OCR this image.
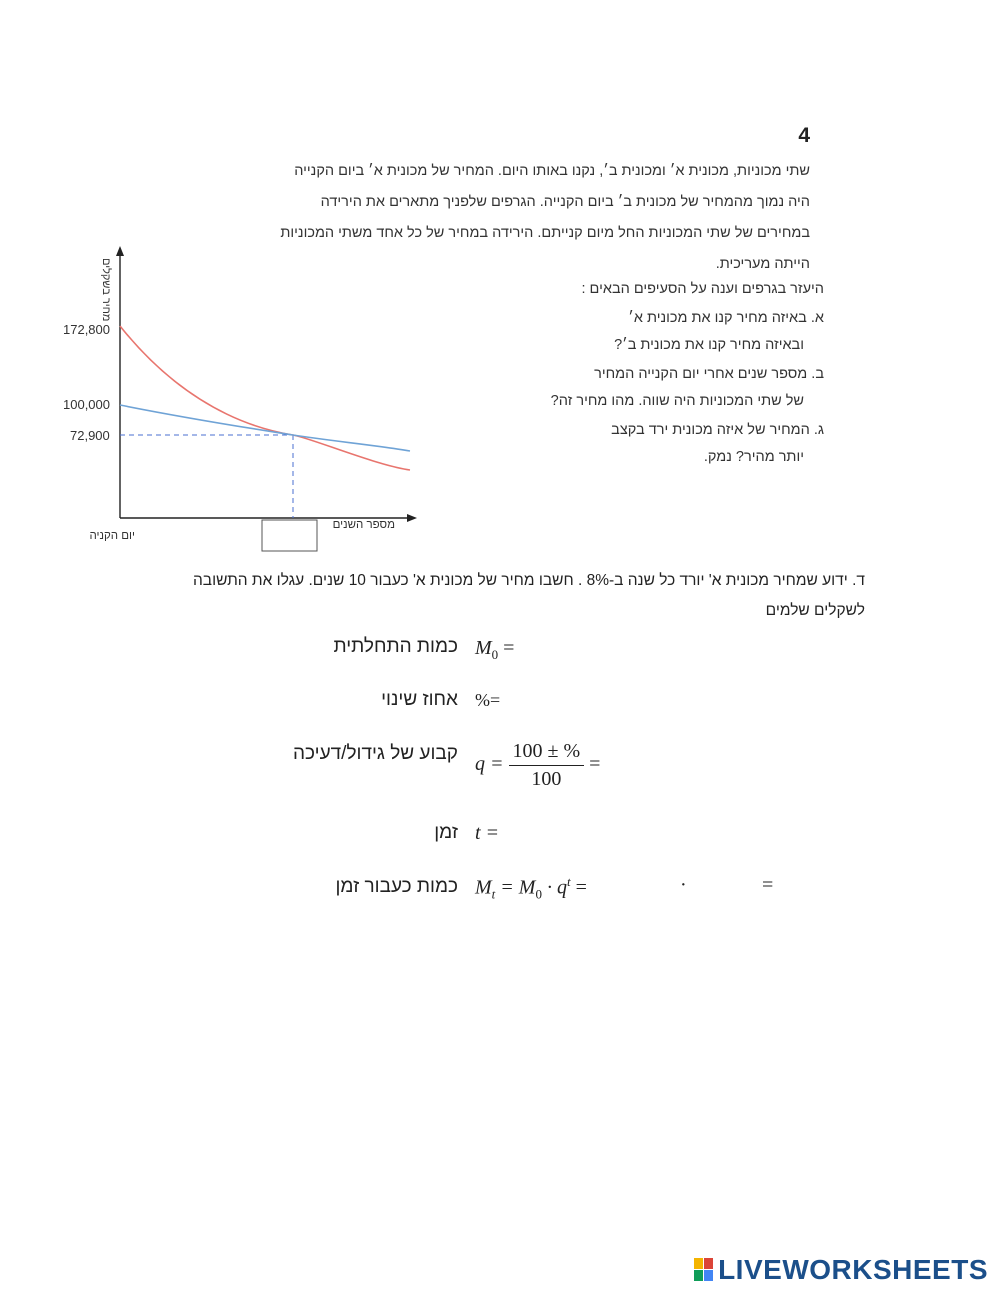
4
שתי מכוניות, מכונית א׳ ומכונית ב׳, נקנו באותו היום. המחיר של מכונית א׳ ביום הקנייה
היה נמוך מהמחיר של מכונית ב׳ ביום הקנייה. הגרפים שלפניך מתארים את הירידה
במחירים של שתי המכוניות החל מיום קנייתם. הירידה במחיר של כל אחד משתי המכוניות
הייתה מעריכית.
היעזר בגרפים וענה על הסעיפים הבאים :
א. באיזה מחיר קנו את מכונית א׳
ובאיזה מחיר קנו את מכונית ב׳?
ב. מספר שנים אחרי יום הקנייה המחיר
של שתי המכוניות היה שווה. מהו מחיר זה?
ג. המחיר של איזה מכונית ירד בקצב
יותר מהיר? נמק.
172,800
100,000
72,900
מחיר בשקלים
מספר השנים
יום הקניה
ד. ידוע שמחיר מכונית א' יורד כל שנה ב-8% . חשבו מחיר של מכונית א' כעבור 10 שנים. עגלו את התשובה
לשקלים שלמים
כמות התחלתית $M_0$ =
אחוז שינוי %=
קבוע של גידול/דעיכה $q = \frac{100 \pm \%}{100}$ =
זמן t =
כמות כעבור זמן $M_t = M_0 \cdot q^t$ =	·	=
LIVEWORKSHEETS
